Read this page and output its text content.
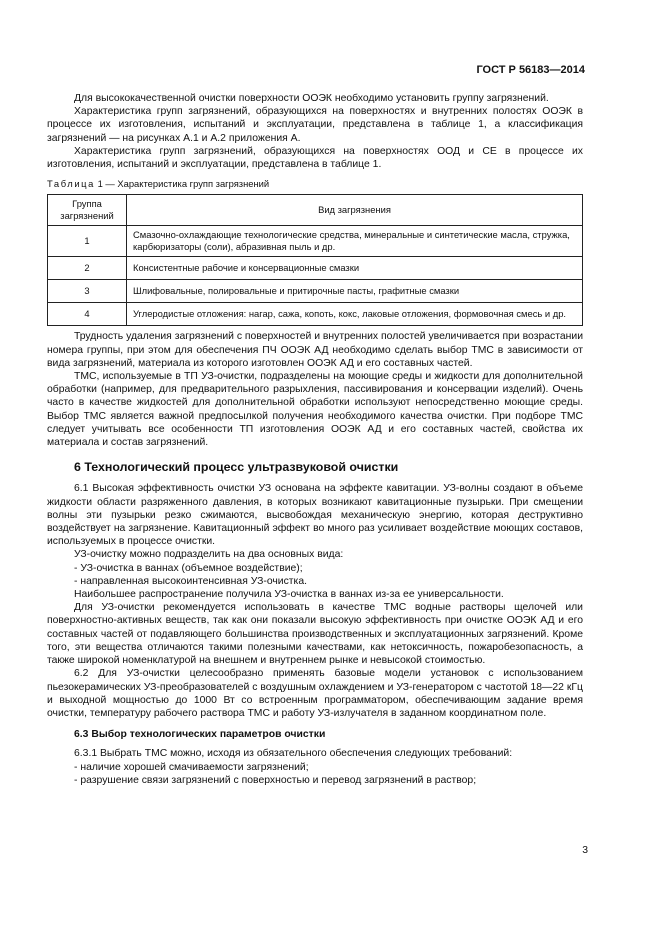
ГОСТ Р 56183—2014

Для высококачественной очистки поверхности ООЭК необходимо установить группу загрязнений.

Характеристика групп загрязнений, образующихся на поверхностях и внутренних полостях ООЭК в процессе их изготовления, испытаний и эксплуатации, представлена в таблице 1, а классификация загрязнений — на рисунках А.1 и А.2 приложения А.

Характеристика групп загрязнений, образующихся на поверхностях ООД и СЕ в процессе их изготовления, испытаний и эксплуатации, представлена в таблице 1.

Таблица 1 — Характеристика групп загрязнений
Группа загрязнений	Вид загрязнения
1	Смазочно-охлаждающие технологические средства, минеральные и синтетические масла, стружка, карбюризаторы (соли), абразивная пыль и др.
2	Консистентные рабочие и консервационные смазки
3	Шлифовальные, полировальные и притирочные пасты, графитные смазки
4	Углеродистые отложения: нагар, сажа, копоть, кокс, лаковые отложения, формовочная смесь и др.

Трудность удаления загрязнений с поверхностей и внутренних полостей увеличивается при возрастании номера группы, при этом для обеспечения ПЧ ООЭК АД необходимо сделать выбор ТМС в зависимости от вида загрязнений, материала из которого изготовлен ООЭК АД и его составных частей.

ТМС, используемые в ТП УЗ-очистки, подразделены на моющие среды и жидкости для дополнительной обработки (например, для предварительного разрыхления, пассивирования и консервации изделий). Очень часто в качестве жидкостей для дополнительной обработки используют непосредственно моющие среды. Выбор ТМС является важной предпосылкой получения необходимого качества очистки. При подборе ТМС следует учитывать все особенности ТП изготовления ООЭК АД и его составных частей, свойства их материала и состав загрязнений.

6 Технологический процесс ультразвуковой очистки

6.1 Высокая эффективность очистки УЗ основана на эффекте кавитации. УЗ-волны создают в объеме жидкости области разряженного давления, в которых возникают кавитационные пузырьки. При смещении волны эти пузырьки резко сжимаются, высвобождая механическую энергию, которая деструктивно воздействует на загрязнение. Кавитационный эффект во много раз усиливает воздействие моющих составов, используемых в процессе очистки.

УЗ-очистку можно подразделить на два основных вида:

- УЗ-очистка в ваннах (объемное воздействие);

- направленная высокоинтенсивная УЗ-очистка.

Наибольшее распространение получила УЗ-очистка в ваннах из-за ее универсальности.

Для УЗ-очистки рекомендуется использовать в качестве ТМС водные растворы щелочей или поверхностно-активных веществ, так как они показали высокую эффективность при очистке ООЭК АД и его составных частей от подавляющего большинства производственных и эксплуатационных загрязнений. Кроме того, эти вещества отличаются такими полезными качествами, как нетоксичность, пожаробезопасность, а также широкой номенклатурой на внешнем и внутреннем рынке и невысокой стоимостью.

6.2 Для УЗ-очистки целесообразно применять базовые модели установок с использованием пьезокерамических УЗ-преобразователей с воздушным охлаждением и УЗ-генератором с частотой 18—22 кГц и выходной мощностью до 1000 Вт со встроенным программатором, обеспечивающим задание время очистки, температуру рабочего раствора ТМС и работу УЗ-излучателя в заданном координатном поле.

6.3 Выбор технологических параметров очистки

6.3.1 Выбрать ТМС можно, исходя из обязательного обеспечения следующих требований:

- наличие хорошей смачиваемости загрязнений;

- разрушение связи загрязнений с поверхностью и перевод загрязнений в раствор;

3
